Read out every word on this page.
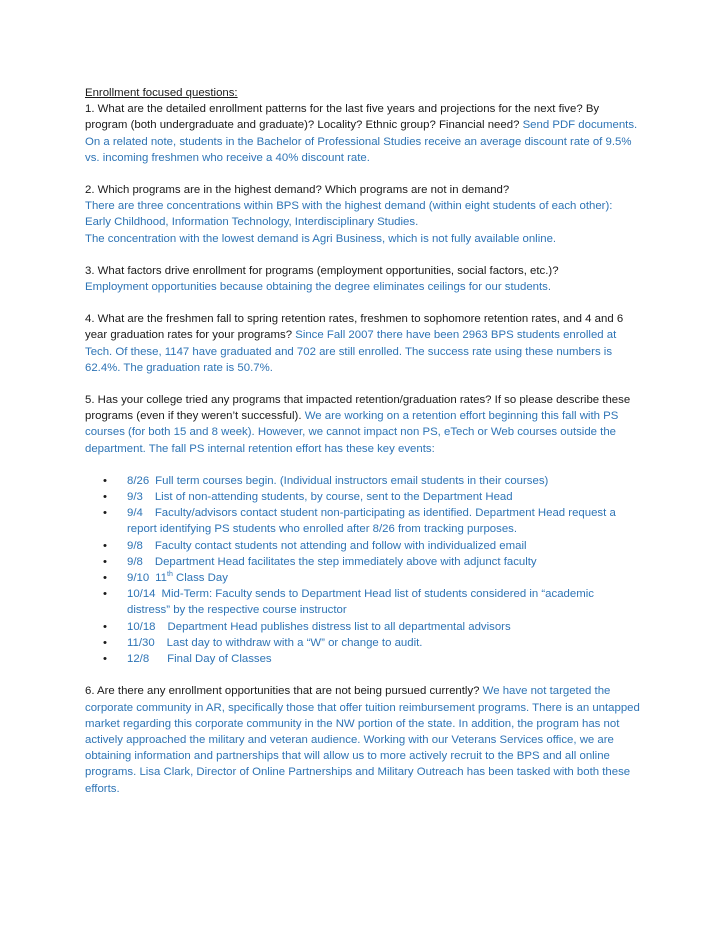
Enrollment focused questions:

1. What are the detailed enrollment patterns for the last five years and projections for the next five? By program (both undergraduate and graduate)? Locality? Ethnic group? Financial need? Send PDF documents.

On a related note, students in the Bachelor of Professional Studies receive an average discount rate of 9.5% vs. incoming freshmen who receive a 40% discount rate.

2. Which programs are in the highest demand? Which programs are not in demand?

There are three concentrations within BPS with the highest demand (within eight students of each other): Early Childhood, Information Technology, Interdisciplinary Studies.

The concentration with the lowest demand is Agri Business, which is not fully available online.

3. What factors drive enrollment for programs (employment opportunities, social factors, etc.)?

Employment opportunities because obtaining the degree eliminates ceilings for our students.

4. What are the freshmen fall to spring retention rates, freshmen to sophomore retention rates, and 4 and 6 year graduation rates for your programs? Since Fall 2007 there have been 2963 BPS students enrolled at Tech. Of these, 1147 have graduated and 702 are still enrolled. The success rate using these numbers is 62.4%. The graduation rate is 50.7%.

5. Has your college tried any programs that impacted retention/graduation rates? If so please describe these programs (even if they weren’t successful). We are working on a retention effort beginning this fall with PS courses (for both 15 and 8 week). However, we cannot impact non PS, eTech or Web courses outside the department. The fall PS internal retention effort has these key events:

• 8/26 Full term courses begin. (Individual instructors email students in their courses)
• 9/3 List of non-attending students, by course, sent to the Department Head
• 9/4 Faculty/advisors contact student non-participating as identified. Department Head request a report identifying PS students who enrolled after 8/26 from tracking purposes.
• 9/8 Faculty contact students not attending and follow with individualized email
• 9/8 Department Head facilitates the step immediately above with adjunct faculty
• 9/10 11th Class Day
• 10/14 Mid-Term: Faculty sends to Department Head list of students considered in “academic distress” by the respective course instructor
• 10/18 Department Head publishes distress list to all departmental advisors
• 11/30 Last day to withdraw with a “W” or change to audit.
• 12/8 Final Day of Classes

6. Are there any enrollment opportunities that are not being pursued currently? We have not targeted the corporate community in AR, specifically those that offer tuition reimbursement programs. There is an untapped market regarding this corporate community in the NW portion of the state. In addition, the program has not actively approached the military and veteran audience. Working with our Veterans Services office, we are obtaining information and partnerships that will allow us to more actively recruit to the BPS and all online programs. Lisa Clark, Director of Online Partnerships and Military Outreach has been tasked with both these efforts.
